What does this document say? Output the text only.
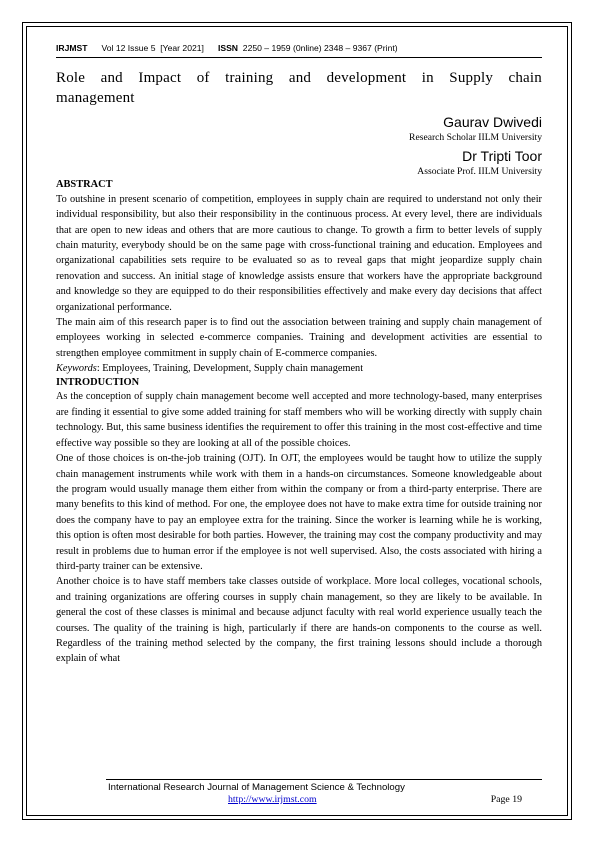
IRJMST Vol 12 Issue 5 [Year 2021] ISSN 2250 – 1959 (0nline) 2348 – 9367 (Print)
Role and Impact of training and development in Supply chain management
Gaurav Dwivedi
Research Scholar IILM University
Dr Tripti Toor
Associate Prof. IILM University
ABSTRACT

To outshine in present scenario of competition, employees in supply chain are required to understand not only their individual responsibility, but also their responsibility in the continuous process. At every level, there are individuals that are open to new ideas and others that are more cautious to change. To growth a firm to better levels of supply chain maturity, everybody should be on the same page with cross-functional training and education. Employees and organizational capabilities sets require to be evaluated so as to reveal gaps that might jeopardize supply chain renovation and success. An initial stage of knowledge assists ensure that workers have the appropriate background and knowledge so they are equipped to do their responsibilities effectively and make every day decisions that affect organizational performance.

The main aim of this research paper is to find out the association between training and supply chain management of employees working in selected e-commerce companies. Training and development activities are essential to strengthen employee commitment in supply chain of E-commerce companies.

Keywords: Employees, Training, Development, Supply chain management

INTRODUCTION

As the conception of supply chain management become well accepted and more technology-based, many enterprises are finding it essential to give some added training for staff members who will be working directly with supply chain technology. But, this same business identifies the requirement to offer this training in the most cost-effective and time effective way possible so they are looking at all of the possible choices.

One of those choices is on-the-job training (OJT). In OJT, the employees would be taught how to utilize the supply chain management instruments while work with them in a hands-on circumstances. Someone knowledgeable about the program would usually manage them either from within the company or from a third-party enterprise. There are many benefits to this kind of method. For one, the employee does not have to make extra time for outside training nor does the company have to pay an employee extra for the training. Since the worker is learning while he is working, this option is often most desirable for both parties. However, the training may cost the company productivity and may result in problems due to human error if the employee is not well supervised. Also, the costs associated with hiring a third-party trainer can be extensive.

Another choice is to have staff members take classes outside of workplace. More local colleges, vocational schools, and training organizations are offering courses in supply chain management, so they are likely to be available. In general the cost of these classes is minimal and because adjunct faculty with real world experience usually teach the courses. The quality of the training is high, particularly if there are hands-on components to the course as well. Regardless of the training method selected by the company, the first training lessons should include a thorough explain of what

International Research Journal of Management Science & Technology
http://www.irjmst.com	Page 19
